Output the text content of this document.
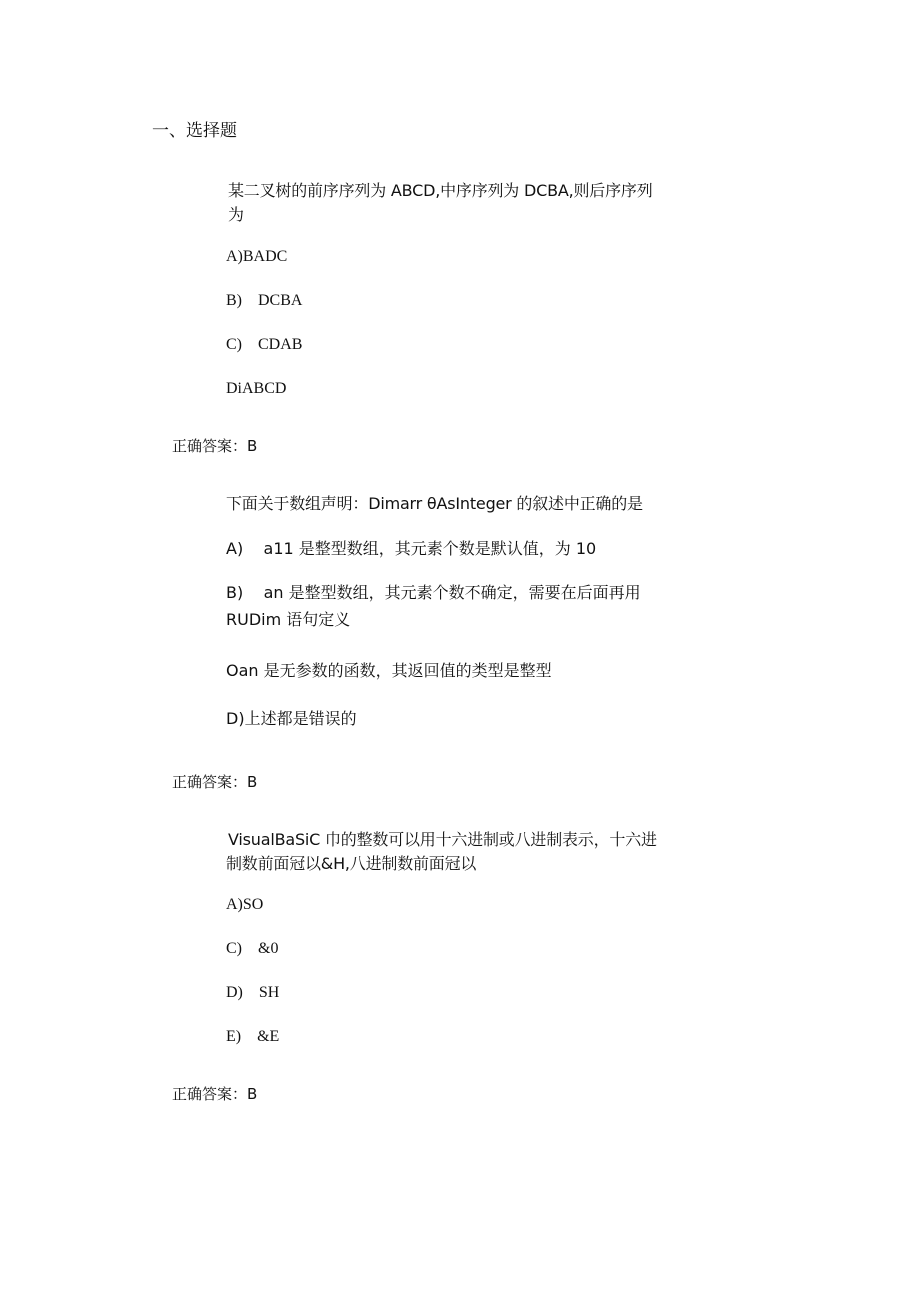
一、选择题
某二叉树的前序序列为 ABCD,中序序列为 DCBA,则后序序列
为
A)BADC
B)    DCBA
C)    CDAB
DiABCD
正确答案：B
下面关于数组声明：Dimarr θAsInteger 的叙述中正确的是
A)    a11 是整型数组，其元素个数是默认值，为 10
B)    an 是整型数组，其元素个数不确定，需要在后面再用
RUDim 语句定义
Oan 是无参数的函数，其返回值的类型是整型
D)上述都是错误的
正确答案：B
VisualBaSiC 巾的整数可以用十六进制或八进制表示，十六进
制数前面冠以&H,八进制数前面冠以
A)SO
C)    &0
D)    SH
E)    &E
正确答案：B
